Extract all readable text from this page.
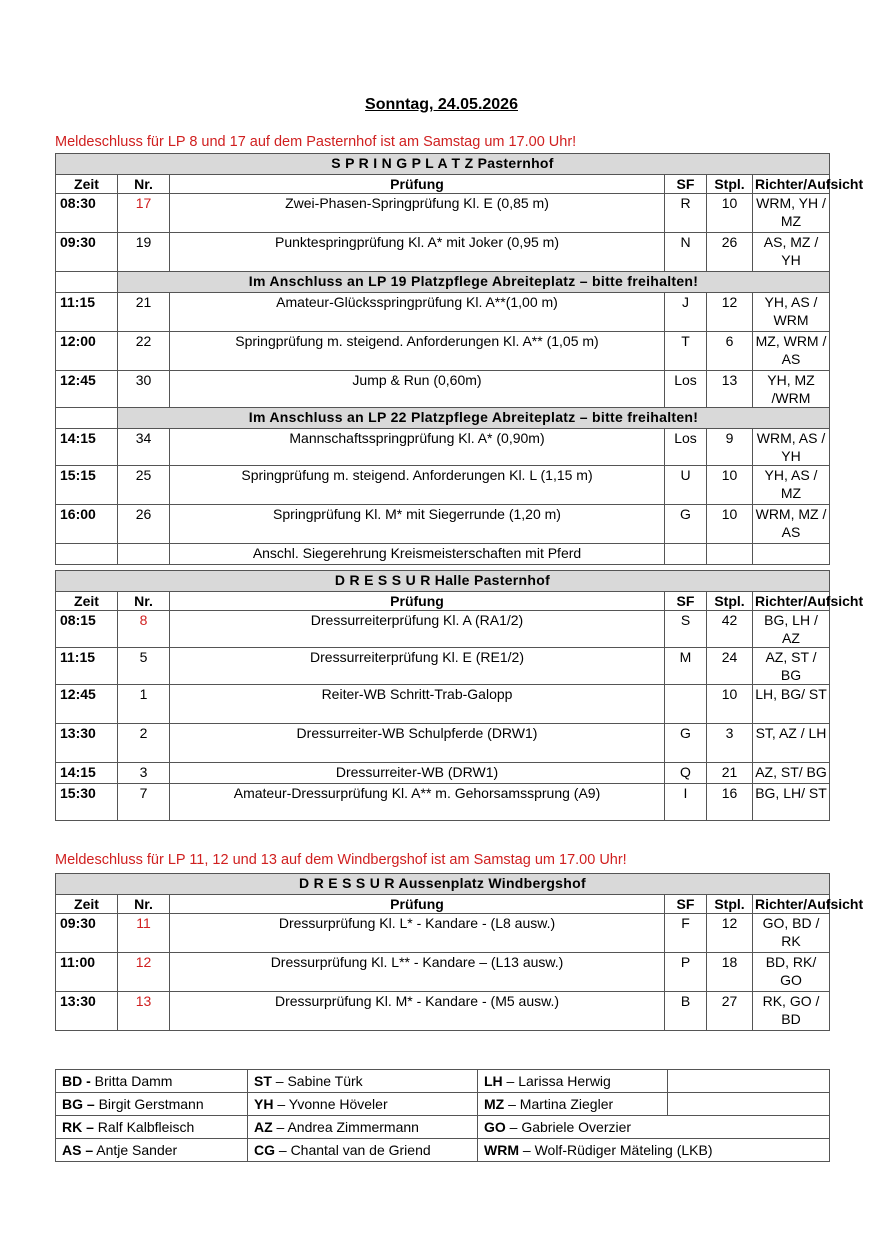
Sonntag, 24.05.2026
Meldeschluss für LP 8 und 17 auf dem Pasternhof ist am Samstag um 17.00 Uhr!
S P R I N G P L A T Z Pasternhof					
Zeit	Nr.	Prüfung	SF	Stpl.	Richter/Aufsicht
08:30	17	Zwei-Phasen-Springprüfung Kl. E (0,85 m)	R	10	WRM, YH / MZ
09:30	19	Punktespringprüfung Kl. A* mit Joker (0,95 m)	N	26	AS, MZ / YH
	Im Anschluss an LP 19 Platzpflege Abreiteplatz – bitte freihalten!				
11:15	21	Amateur-Glücksspringprüfung Kl. A**(1,00 m)	J	12	YH, AS / WRM
12:00	22	Springprüfung m. steigend. Anforderungen Kl. A** (1,05 m)	T	6	MZ, WRM / AS
12:45	30	Jump & Run (0,60m)	Los	13	YH, MZ /WRM
	Im Anschluss an LP 22 Platzpflege Abreiteplatz – bitte freihalten!				
14:15	34	Mannschaftsspringprüfung Kl. A* (0,90m)	Los	9	WRM, AS / YH
15:15	25	Springprüfung m. steigend. Anforderungen Kl. L (1,15 m)	U	10	YH, AS / MZ
16:00	26	Springprüfung Kl. M* mit Siegerrunde (1,20 m)	G	10	WRM, MZ / AS
		Anschl. Siegerehrung Kreismeisterschaften mit Pferd			
D R E S S U R Halle Pasternhof					
Zeit	Nr.	Prüfung	SF	Stpl.	Richter/Aufsicht
08:15	8	Dressurreiterprüfung Kl. A (RA1/2)	S	42	BG, LH / AZ
11:15	5	Dressurreiterprüfung Kl. E (RE1/2)	M	24	AZ, ST / BG
12:45	1	Reiter-WB Schritt-Trab-Galopp		10	LH, BG/ ST
13:30	2	Dressurreiter-WB Schulpferde (DRW1)	G	3	ST, AZ / LH
14:15	3	Dressurreiter-WB (DRW1)	Q	21	AZ, ST/ BG
15:30	7	Amateur-Dressurprüfung Kl. A** m. Gehorsamssprung (A9)	I	16	BG, LH/ ST
Meldeschluss für LP 11, 12 und 13 auf dem Windbergshof ist am Samstag um 17.00 Uhr!
D R E S S U R Aussenplatz Windbergshof					
Zeit	Nr.	Prüfung	SF	Stpl.	Richter/Aufsicht
09:30	11	Dressurprüfung Kl. L* - Kandare - (L8 ausw.)	F	12	GO, BD / RK
11:00	12	Dressurprüfung Kl. L** - Kandare – (L13 ausw.)	P	18	BD, RK/ GO
13:30	13	Dressurprüfung Kl. M* - Kandare - (M5 ausw.)	B	27	RK, GO / BD
BD - Britta Damm	ST – Sabine Türk	LH – Larissa Herwig	
BG – Birgit Gerstmann	YH – Yvonne Höveler	MZ – Martina Ziegler	
RK – Ralf Kalbfleisch	AZ – Andrea Zimmermann	GO – Gabriele Overzier	
AS – Antje Sander	CG – Chantal van de Griend	WRM – Wolf-Rüdiger Mäteling (LKB)	
